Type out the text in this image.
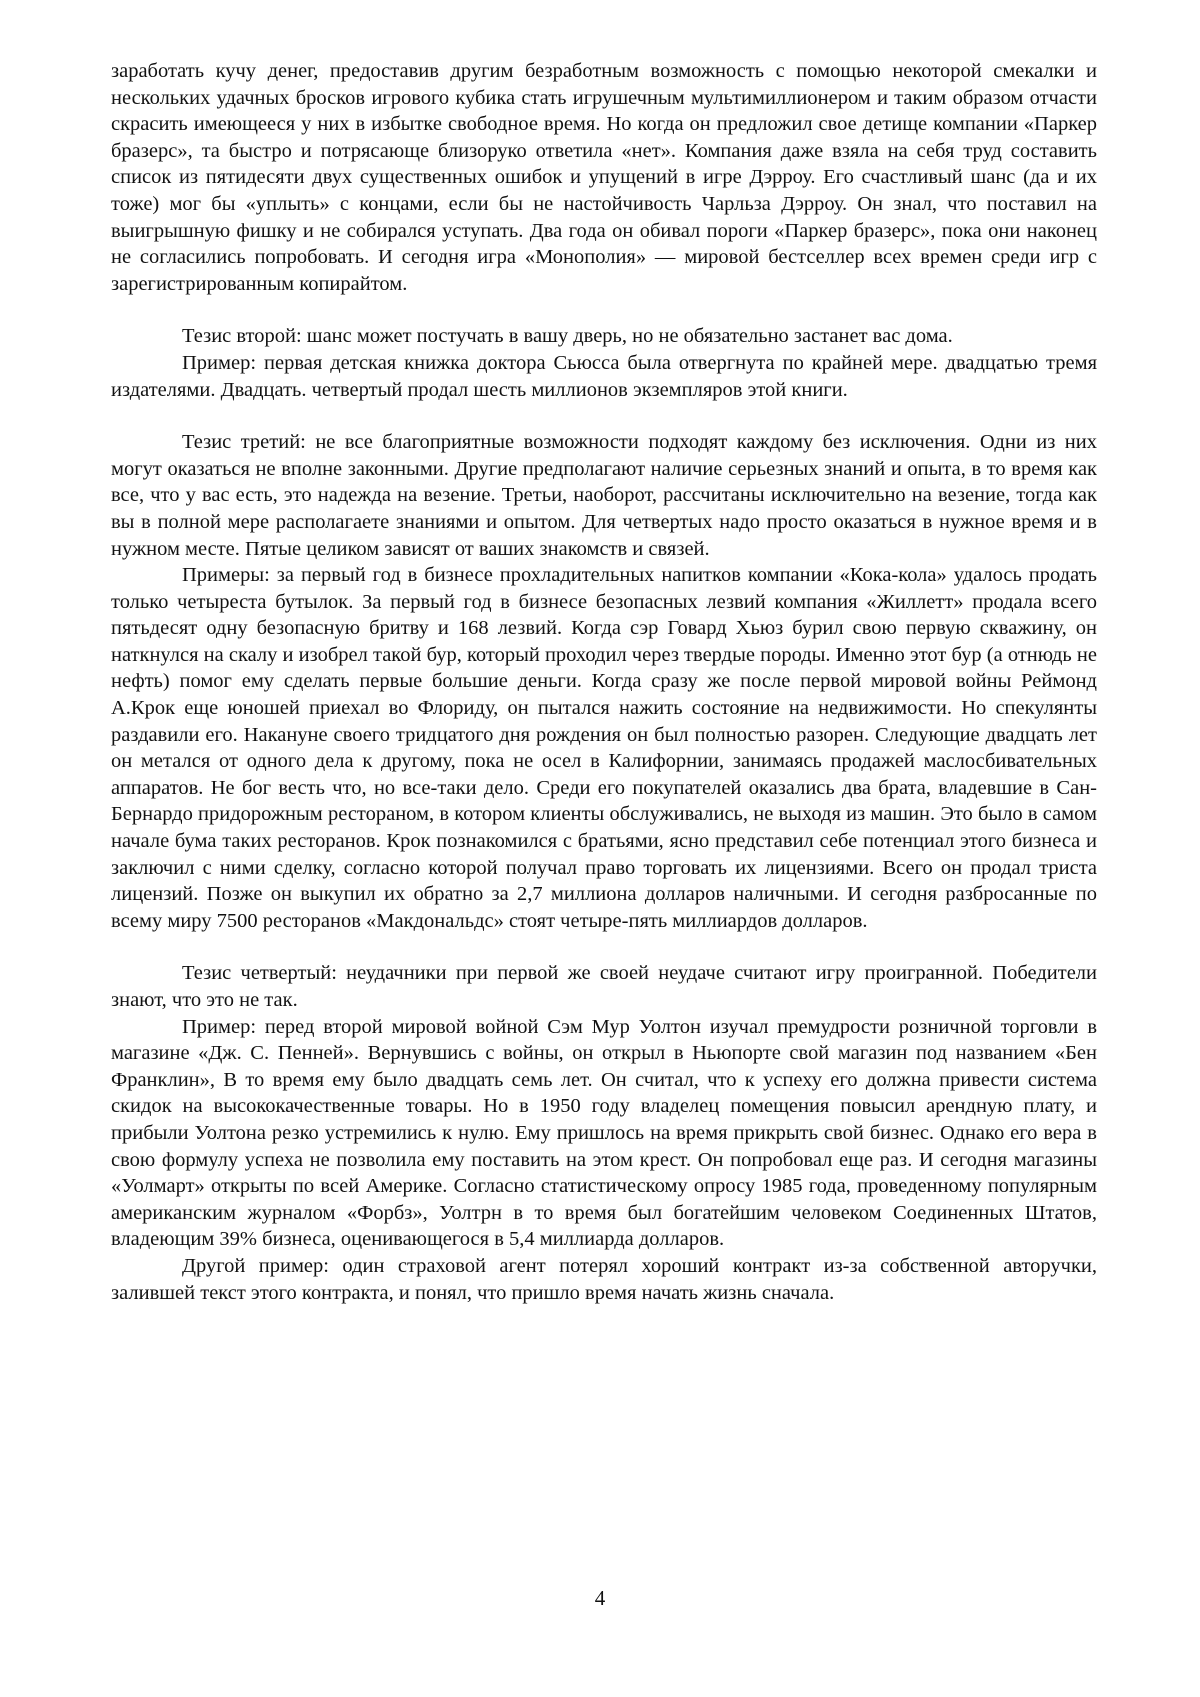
заработать кучу денег, предоставив другим безработным возможность с помощью некоторой смекалки и нескольких удачных бросков игрового кубика стать игрушечным мультимиллионером и таким образом отчасти скрасить имеющееся у них в избытке свободное время. Но когда он предложил свое детище компании «Паркер бразерс», та быстро и потрясающе близоруко ответила «нет». Компания даже взяла на себя труд составить список из пятидесяти двух существенных ошибок и упущений в игре Дэрроу. Его счастливый шанс (да и их тоже) мог бы «уплыть» с концами, если бы не настойчивость Чарльза Дэрроу. Он знал, что поставил на выигрышную фишку и не собирался уступать. Два года он обивал пороги «Паркер бразерс», пока они наконец не согласились попробовать. И сегодня игра «Монополия» — мировой бестселлер всех времен среди игр с зарегистрированным копирайтом.

Тезис второй: шанс может постучать в вашу дверь, но не обязательно застанет вас дома.

Пример: первая детская книжка доктора Сьюсса была отвергнута по крайней мере. двадцатью тремя издателями. Двадцать. четвертый продал шесть миллионов экземпляров этой книги.

Тезис третий: не все благоприятные возможности подходят каждому без исключения. Одни из них могут оказаться не вполне законными. Другие предполагают наличие серьезных знаний и опыта, в то время как все, что у вас есть, это надежда на везение. Третьи, наоборот, рассчитаны исключительно на везение, тогда как вы в полной мере располагаете знаниями и опытом. Для четвертых надо просто оказаться в нужное время и в нужном месте. Пятые целиком зависят от ваших знакомств и связей.

Примеры: за первый год в бизнесе прохладительных напитков компании «Кока-кола» удалось продать только четыреста бутылок. За первый год в бизнесе безопасных лезвий компания «Жиллетт» продала всего пятьдесят одну безопасную бритву и 168 лезвий. Когда сэр Говард Хьюз бурил свою первую скважину, он наткнулся на скалу и изобрел такой бур, который проходил через твердые породы. Именно этот бур (а отнюдь не нефть) помог ему сделать первые большие деньги. Когда сразу же после первой мировой войны Реймонд А.Крок еще юношей приехал во Флориду, он пытался нажить состояние на недвижимости. Но спекулянты раздавили его. Накануне своего тридцатого дня рождения он был полностью разорен. Следующие двадцать лет он метался от одного дела к другому, пока не осел в Калифорнии, занимаясь продажей маслосбивательных аппаратов. Не бог весть что, но все-таки дело. Среди его покупателей оказались два брата, владевшие в Сан-Бернардо придорожным рестораном, в котором клиенты обслуживались, не выходя из машин. Это было в самом начале бума таких ресторанов. Крок познакомился с братьями, ясно представил себе потенциал этого бизнеса и заключил с ними сделку, согласно которой получал право торговать их лицензиями. Всего он продал триста лицензий. Позже он выкупил их обратно за 2,7 миллиона долларов наличными. И сегодня разбросанные по всему миру 7500 ресторанов «Макдональдс» стоят четыре-пять миллиардов долларов.

Тезис четвертый: неудачники при первой же своей неудаче считают игру проигранной. Победители знают, что это не так.

Пример: перед второй мировой войной Сэм Мур Уолтон изучал премудрости розничной торговли в магазине «Дж. С. Пенней». Вернувшись с войны, он открыл в Ньюпорте свой магазин под названием «Бен Франклин», В то время ему было двадцать семь лет. Он считал, что к успеху его должна привести система скидок на высококачественные товары. Но в 1950 году владелец помещения повысил арендную плату, и прибыли Уолтона резко устремились к нулю. Ему пришлось на время прикрыть свой бизнес. Однако его вера в свою формулу успеха не позволила ему поставить на этом крест. Он попробовал еще раз. И сегодня магазины «Уолмарт» открыты по всей Америке. Согласно статистическому опросу 1985 года, проведенному популярным американским журналом «Форбз», Уолтрн в то время был богатейшим человеком Соединенных Штатов, владеющим 39% бизнеса, оценивающегося в 5,4 миллиарда долларов.

Другой пример: один страховой агент потерял хороший контракт из-за собственной авторучки, залившей текст этого контракта, и понял, что пришло время начать жизнь сначала.

4
